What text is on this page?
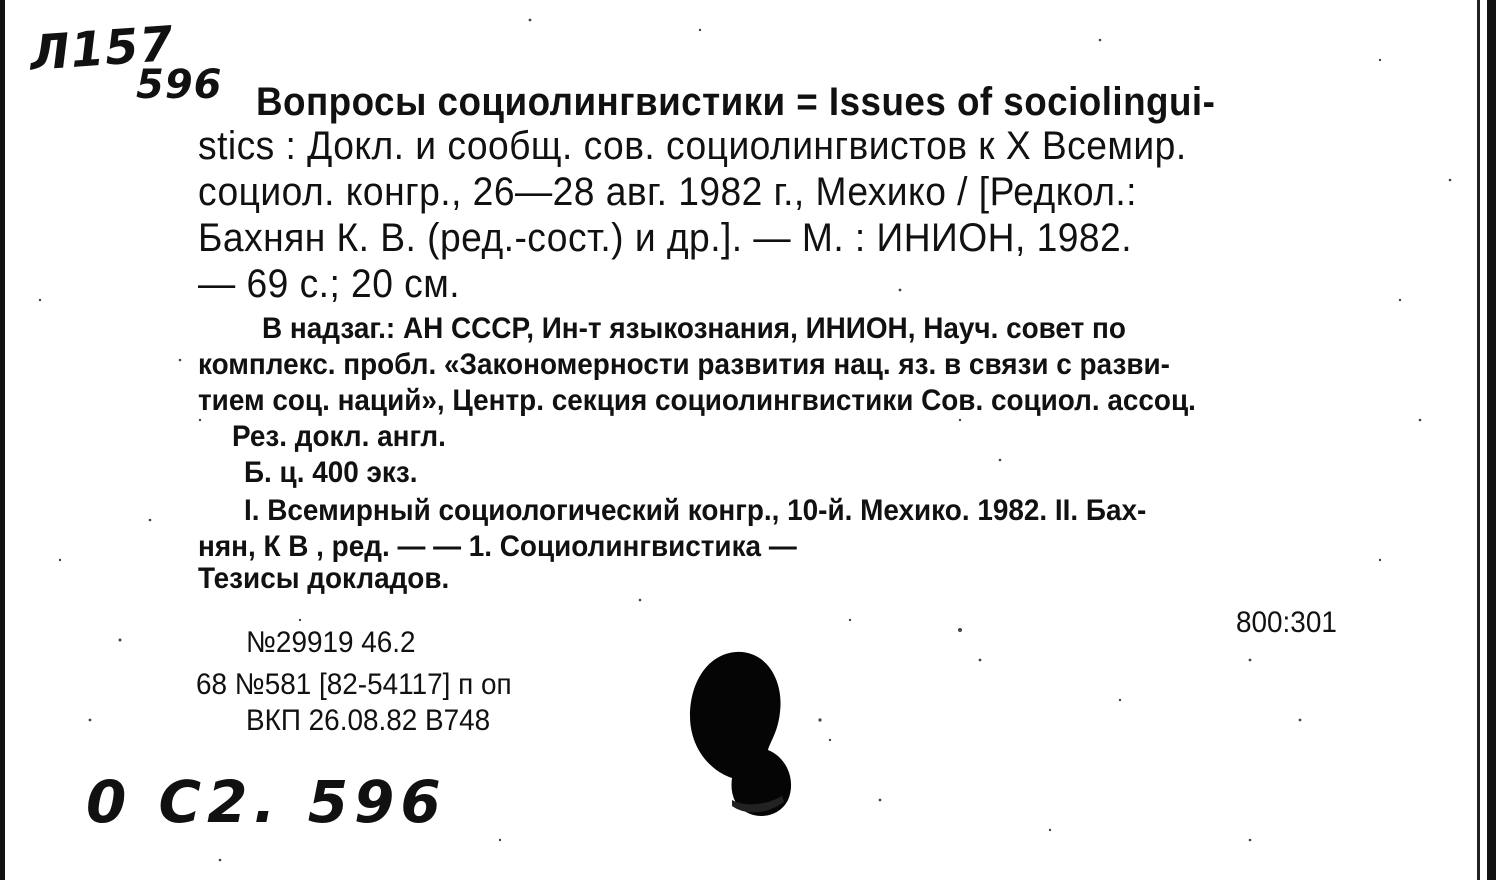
Л157
596 Вопросы социолингвистики = Issues of sociolingui-
stics : Докл. и сообщ. сов. социолингвистов к X Всемир.
социол. конгр., 26—28 авг. 1982 г., Мехико / [Редкол.:
Бахнян К. В. (ред.-сост.) и др.]. — М. : ИНИОН, 1982.
— 69 с.; 20 см.
В надзаг.: АН СССР, Ин-т языкознания, ИНИОН, Науч. совет по
комплекс. пробл. «Закономерности развития нац. яз. в связи с разви-
тием соц. наций», Центр. секция социолингвистики Сов. социол. ассоц.
Рез. докл. англ.
Б. ц. 400 экз.
I. Всемирный социологический конгр., 10-й. Мехико. 1982. II. Бах-
нян, К В , ред. — — 1. Социолингвистика —
Тезисы докладов.
800:301
№29919 46.2
68 №581 [82-54117] п оп
ВКП 26.08.82 В748
0 С2. 596
